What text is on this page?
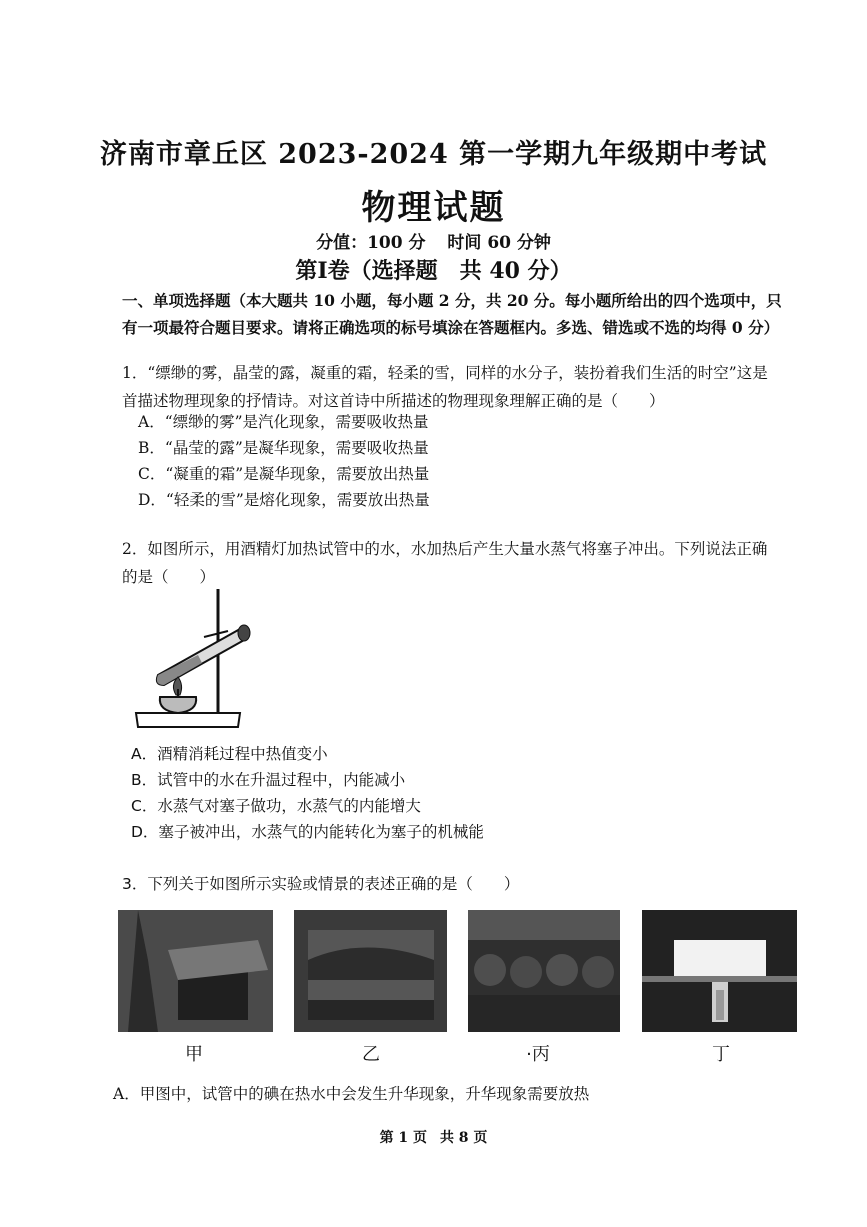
济南市章丘区 2023-2024 第一学期九年级期中考试
物理试题
分值：100 分 时间 60 分钟
第Ⅰ卷（选择题　共 40 分）
一、单项选择题（本大题共 10 小题，每小题 2 分，共 20 分。每小题所给出的四个选项中，只有一项最符合题目要求。请将正确选项的标号填涂在答题框内。多选、错选或不选的均得 0 分）
1．“缥缈的雾，晶莹的露，凝重的霜，轻柔的雪，同样的水分子，装扮着我们生活的时空”这是首描述物理现象的抒情诗。对这首诗中所描述的物理现象理解正确的是（　　）
A．“缥缈的雾”是汽化现象，需要吸收热量
B．“晶莹的露”是凝华现象，需要吸收热量
C．“凝重的霜”是凝华现象，需要放出热量
D．“轻柔的雪”是熔化现象，需要放出热量
2．如图所示，用酒精灯加热试管中的水，水加热后产生大量水蒸气将塞子冲出。下列说法正确的是（　　）
A．酒精消耗过程中热值变小
B．试管中的水在升温过程中，内能减小
C．水蒸气对塞子做功，水蒸气的内能增大
D．塞子被冲出，水蒸气的内能转化为塞子的机械能
3．下列关于如图所示实验或情景的表述正确的是（　　）
甲	乙	·丙	丁
A．甲图中，试管中的碘在热水中会发生升华现象，升华现象需要放热
第 1 页 共 8 页
